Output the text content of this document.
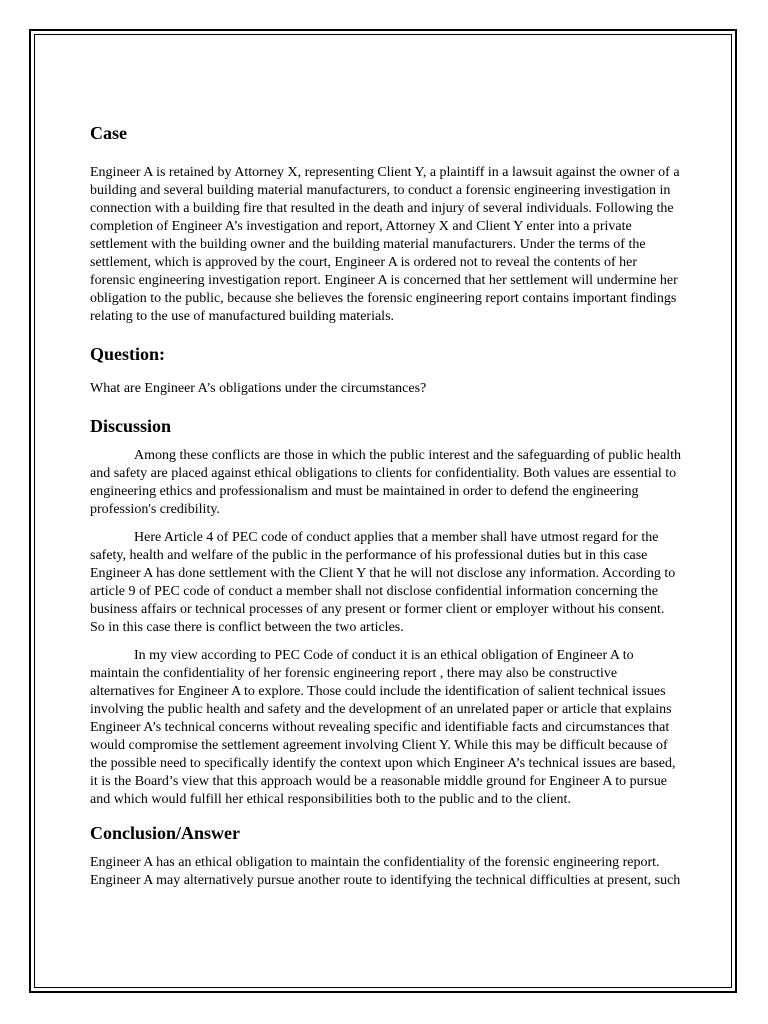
Case

Engineer A is retained by Attorney X, representing Client Y, a plaintiff in a lawsuit against the owner of a building and several building material manufacturers, to conduct a forensic engineering investigation in connection with a building fire that resulted in the death and injury of several individuals. Following the completion of Engineer A’s investigation and report, Attorney X and Client Y enter into a private settlement with the building owner and the building material manufacturers. Under the terms of the settlement, which is approved by the court, Engineer A is ordered not to reveal the contents of her forensic engineering investigation report. Engineer A is concerned that her settlement will undermine her obligation to the public, because she believes the forensic engineering report contains important findings relating to the use of manufactured building materials.

Question:

What are Engineer A’s obligations under the circumstances?

Discussion

Among these conflicts are those in which the public interest and the safeguarding of public health and safety are placed against ethical obligations to clients for confidentiality. Both values are essential to engineering ethics and professionalism and must be maintained in order to defend the engineering profession's credibility.

Here Article 4 of PEC code of conduct applies that a member shall have utmost regard for the safety, health and welfare of the public in the performance of his professional duties but in this case Engineer A has done settlement with the Client Y that he will not disclose any information. According to article 9 of PEC code of conduct a member shall not disclose confidential information concerning the business affairs or technical processes of any present or former client or employer without his consent. So in this case there is conflict between the two articles.

In my view according to PEC Code of conduct it is an ethical obligation of Engineer A to maintain the confidentiality of her forensic engineering report , there may also be constructive alternatives for Engineer A to explore. Those could include the identification of salient technical issues involving the public health and safety and the development of an unrelated paper or article that explains Engineer A’s technical concerns without revealing specific and identifiable facts and circumstances that would compromise the settlement agreement involving Client Y. While this may be difficult because of the possible need to specifically identify the context upon which Engineer A’s technical issues are based, it is the Board’s view that this approach would be a reasonable middle ground for Engineer A to pursue and which would fulfill her ethical responsibilities both to the public and to the client.

Conclusion/Answer

Engineer A has an ethical obligation to maintain the confidentiality of the forensic engineering report. Engineer A may alternatively pursue another route to identifying the technical difficulties at present, such
